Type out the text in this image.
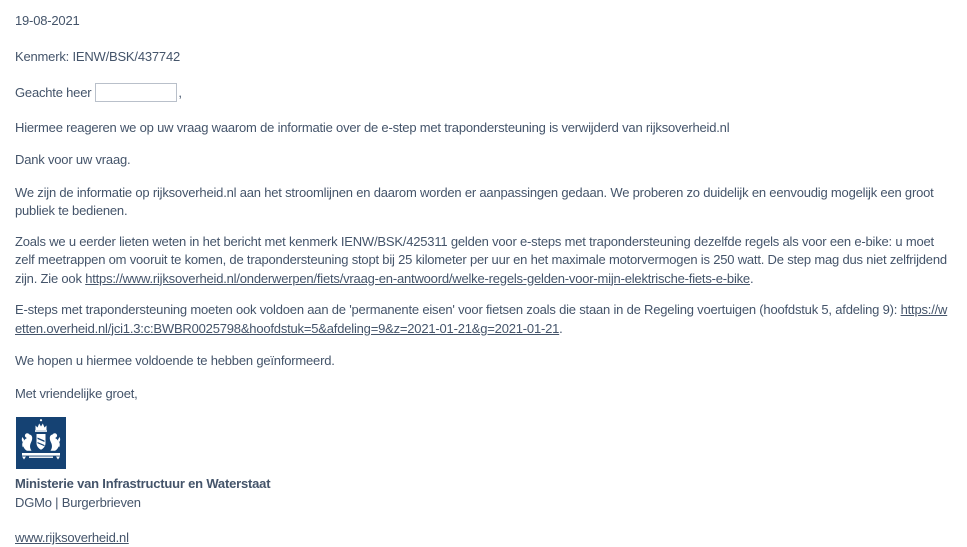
19-08-2021

Kenmerk: IENW/BSK/437742

Geachte heer	,

Hiermee reageren we op uw vraag waarom de informatie over de e-step met trapondersteuning is verwijderd van rijksoverheid.nl

Dank voor uw vraag.

We zijn de informatie op rijksoverheid.nl aan het stroomlijnen en daarom worden er aanpassingen gedaan. We proberen zo duidelijk en eenvoudig mogelijk een groot publiek te bedienen.

Zoals we u eerder lieten weten in het bericht met kenmerk IENW/BSK/425311 gelden voor e-steps met trapondersteuning dezelfde regels als voor een e-bike: u moet zelf meetrappen om vooruit te komen, de trapondersteuning stopt bij 25 kilometer per uur en het maximale motorvermogen is 250 watt. De step mag dus niet zelfrijdend zijn. Zie ook https://www.rijksoverheid.nl/onderwerpen/fiets/vraag-en-antwoord/welke-regels-gelden-voor-mijn-elektrische-fiets-e-bike.

E-steps met trapondersteuning moeten ook voldoen aan de 'permanente eisen' voor fietsen zoals die staan in de Regeling voertuigen (hoofdstuk 5, afdeling 9): https://wetten.overheid.nl/jci1.3:c:BWBR0025798&hoofdstuk=5&afdeling=9&z=2021-01-21&g=2021-01-21.

We hopen u hiermee voldoende te hebben geïnformeerd.

Met vriendelijke groet,

Ministerie van Infrastructuur en Waterstaat

DGMo | Burgerbrieven

www.rijksoverheid.nl
